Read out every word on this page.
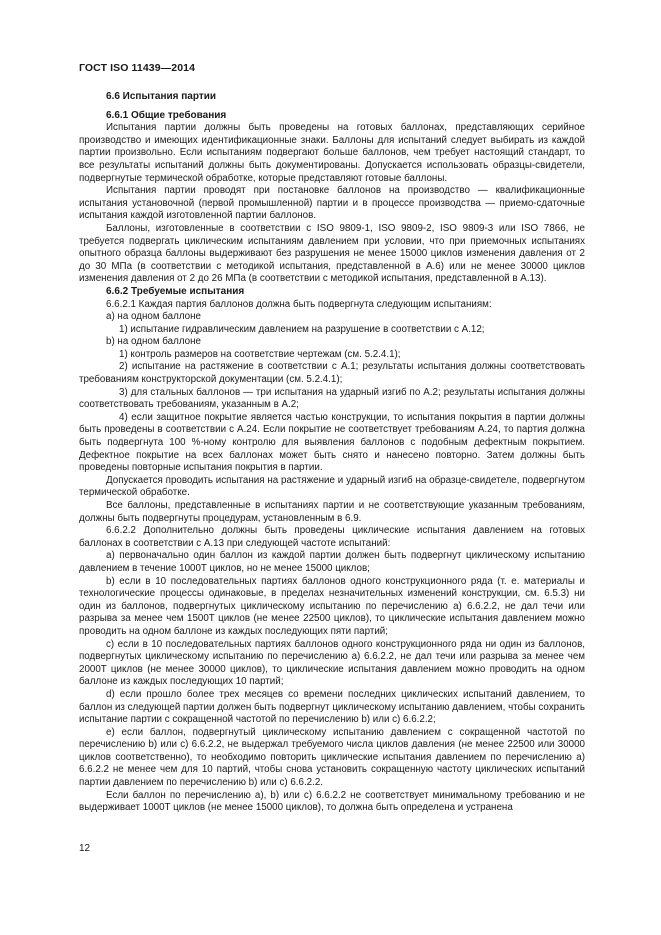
ГОСТ ISO 11439—2014
6.6 Испытания партии
6.6.1 Общие требования

Испытания партии должны быть проведены на готовых баллонах, представляющих серийное производство и имеющих идентификационные знаки. Баллоны для испытаний следует выбирать из каждой партии произвольно. Если испытаниям подвергают больше баллонов, чем требует настоящий стандарт, то все результаты испытаний должны быть документированы. Допускается использовать образцы-свидетели, подвергнутые термической обработке, которые представляют готовые баллоны.

Испытания партии проводят при постановке баллонов на производство — квалификационные испытания установочной (первой промышленной) партии и в процессе производства — приемо-сдаточные испытания каждой изготовленной партии баллонов.

Баллоны, изготовленные в соответствии с ISO 9809-1, ISO 9809-2, ISO 9809-3 или ISO 7866, не требуется подвергать циклическим испытаниям давлением при условии, что при приемочных испытаниях опытного образца баллоны выдерживают без разрушения не менее 15000 циклов изменения давления от 2 до 30 МПа (в соответствии с методикой испытания, представленной в А.6) или не менее 30000 циклов изменения давления от 2 до 26 МПа (в соответствии с методикой испытания, представленной в А.13).

6.6.2 Требуемые испытания

6.6.2.1 Каждая партия баллонов должна быть подвергнута следующим испытаниям:

а) на одном баллоне

1) испытание гидравлическим давлением на разрушение в соответствии с А.12;

b) на одном баллоне

1) контроль размеров на соответствие чертежам (см. 5.2.4.1);

2) испытание на растяжение в соответствии с А.1; результаты испытания должны соответствовать требованиям конструкторской документации (см. 5.2.4.1);

3) для стальных баллонов — три испытания на ударный изгиб по А.2; результаты испытания должны соответствовать требованиям, указанным в А.2;

4) если защитное покрытие является частью конструкции, то испытания покрытия в партии должны быть проведены в соответствии с А.24. Если покрытие не соответствует требованиям А.24, то партия должна быть подвергнута 100 %-ному контролю для выявления баллонов с подобным дефектным покрытием. Дефектное покрытие на всех баллонах может быть снято и нанесено повторно. Затем должны быть проведены повторные испытания покрытия в партии.

Допускается проводить испытания на растяжение и ударный изгиб на образце-свидетеле, подвергнутом термической обработке.

Все баллоны, представленные в испытаниях партии и не соответствующие указанным требованиям, должны быть подвергнуты процедурам, установленным в 6.9.

6.6.2.2 Дополнительно должны быть проведены циклические испытания давлением на готовых баллонах в соответствии с А.13 при следующей частоте испытаний:

а) первоначально один баллон из каждой партии должен быть подвергнут циклическому испытанию давлением в течение 1000T циклов, но не менее 15000 циклов;

b) если в 10 последовательных партиях баллонов одного конструкционного ряда (т. е. материалы и технологические процессы одинаковые, в пределах незначительных изменений конструкции, см. 6.5.3) ни один из баллонов, подвергнутых циклическому испытанию по перечислению а) 6.6.2.2, не дал течи или разрыва за менее чем 1500T циклов (не менее 22500 циклов), то циклические испытания давлением можно проводить на одном баллоне из каждых последующих пяти партий;

c) если в 10 последовательных партиях баллонов одного конструкционного ряда ни один из баллонов, подвергнутых циклическому испытанию по перечислению а) 6.6.2.2, не дал течи или разрыва за менее чем 2000T циклов (не менее 30000 циклов), то циклические испытания давлением можно проводить на одном баллоне из каждых последующих 10 партий;

d) если прошло более трех месяцев со времени последних циклических испытаний давлением, то баллон из следующей партии должен быть подвергнут циклическому испытанию давлением, чтобы сохранить испытание партии с сокращенной частотой по перечислению b) или с) 6.6.2.2;

e) если баллон, подвергнутый циклическому испытанию давлением с сокращенной частотой по перечислению b) или с) 6.6.2.2, не выдержал требуемого числа циклов давления (не менее 22500 или 30000 циклов соответственно), то необходимо повторить циклические испытания давлением по перечислению а) 6.6.2.2 не менее чем для 10 партий, чтобы снова установить сокращенную частоту циклических испытаний партии давлением по перечислению b) или с) 6.6.2.2.

Если баллон по перечислению а), b) или с) 6.6.2.2 не соответствует минимальному требованию и не выдерживает 1000T циклов (не менее 15000 циклов), то должна быть определена и устранена

12
